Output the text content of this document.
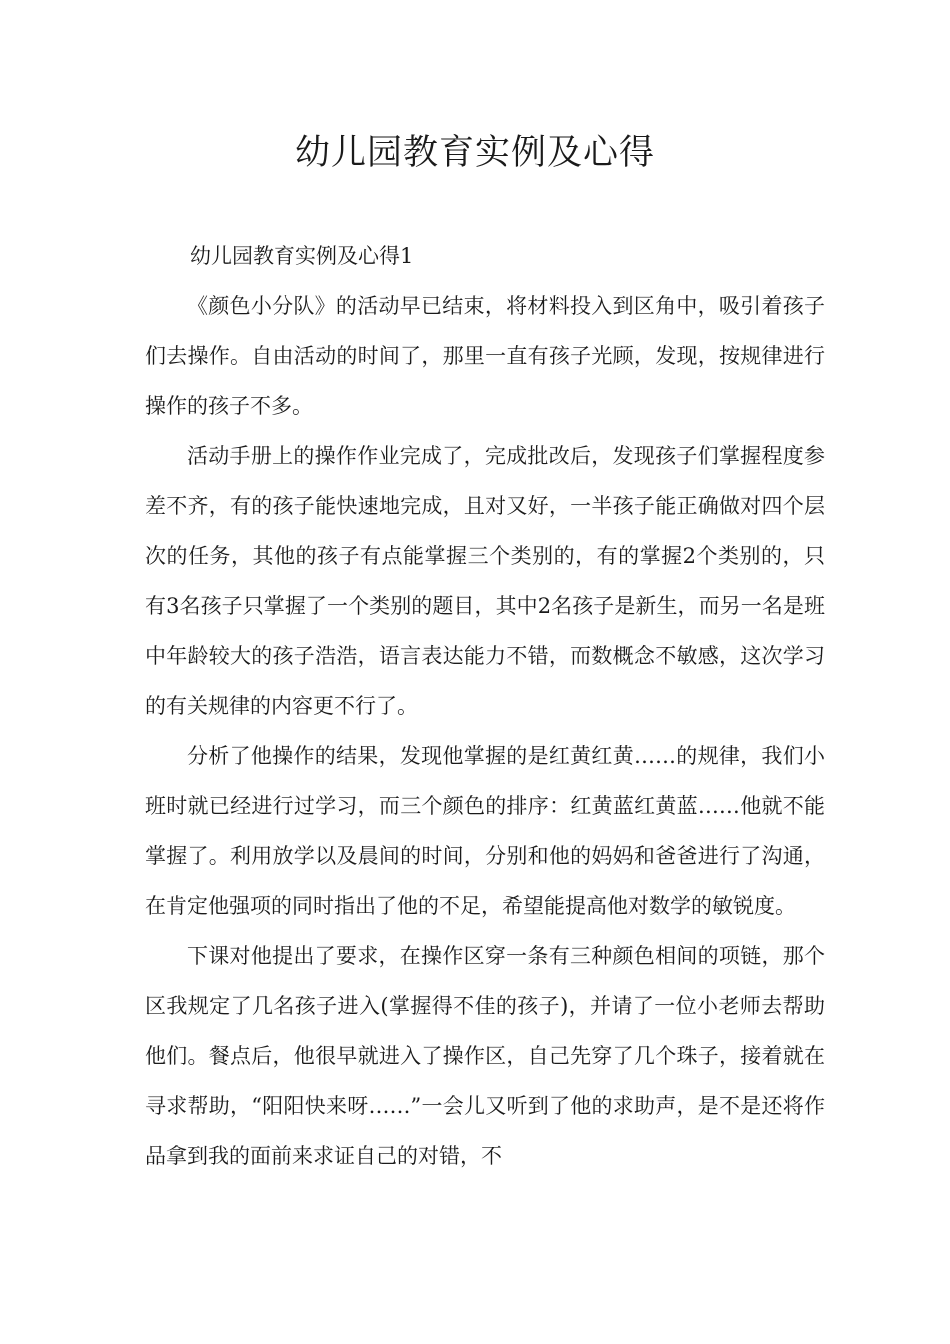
幼儿园教育实例及心得

幼儿园教育实例及心得1

《颜色小分队》的活动早已结束，将材料投入到区角中，吸引着孩子们去操作。自由活动的时间了，那里一直有孩子光顾，发现，按规律进行操作的孩子不多。

活动手册上的操作作业完成了，完成批改后，发现孩子们掌握程度参差不齐，有的孩子能快速地完成，且对又好，一半孩子能正确做对四个层次的任务，其他的孩子有点能掌握三个类别的，有的掌握2个类别的，只有3名孩子只掌握了一个类别的题目，其中2名孩子是新生，而另一名是班中年龄较大的孩子浩浩，语言表达能力不错，而数概念不敏感，这次学习的有关规律的内容更不行了。

分析了他操作的结果，发现他掌握的是红黄红黄……的规律，我们小班时就已经进行过学习，而三个颜色的排序：红黄蓝红黄蓝……他就不能掌握了。利用放学以及晨间的时间，分别和他的妈妈和爸爸进行了沟通，在肯定他强项的同时指出了他的不足，希望能提高他对数学的敏锐度。

下课对他提出了要求，在操作区穿一条有三种颜色相间的项链，那个区我规定了几名孩子进入(掌握得不佳的孩子)，并请了一位小老师去帮助他们。餐点后，他很早就进入了操作区，自己先穿了几个珠子，接着就在寻求帮助，“阳阳快来呀……”一会儿又听到了他的求助声，是不是还将作品拿到我的面前来求证自己的对错，不
